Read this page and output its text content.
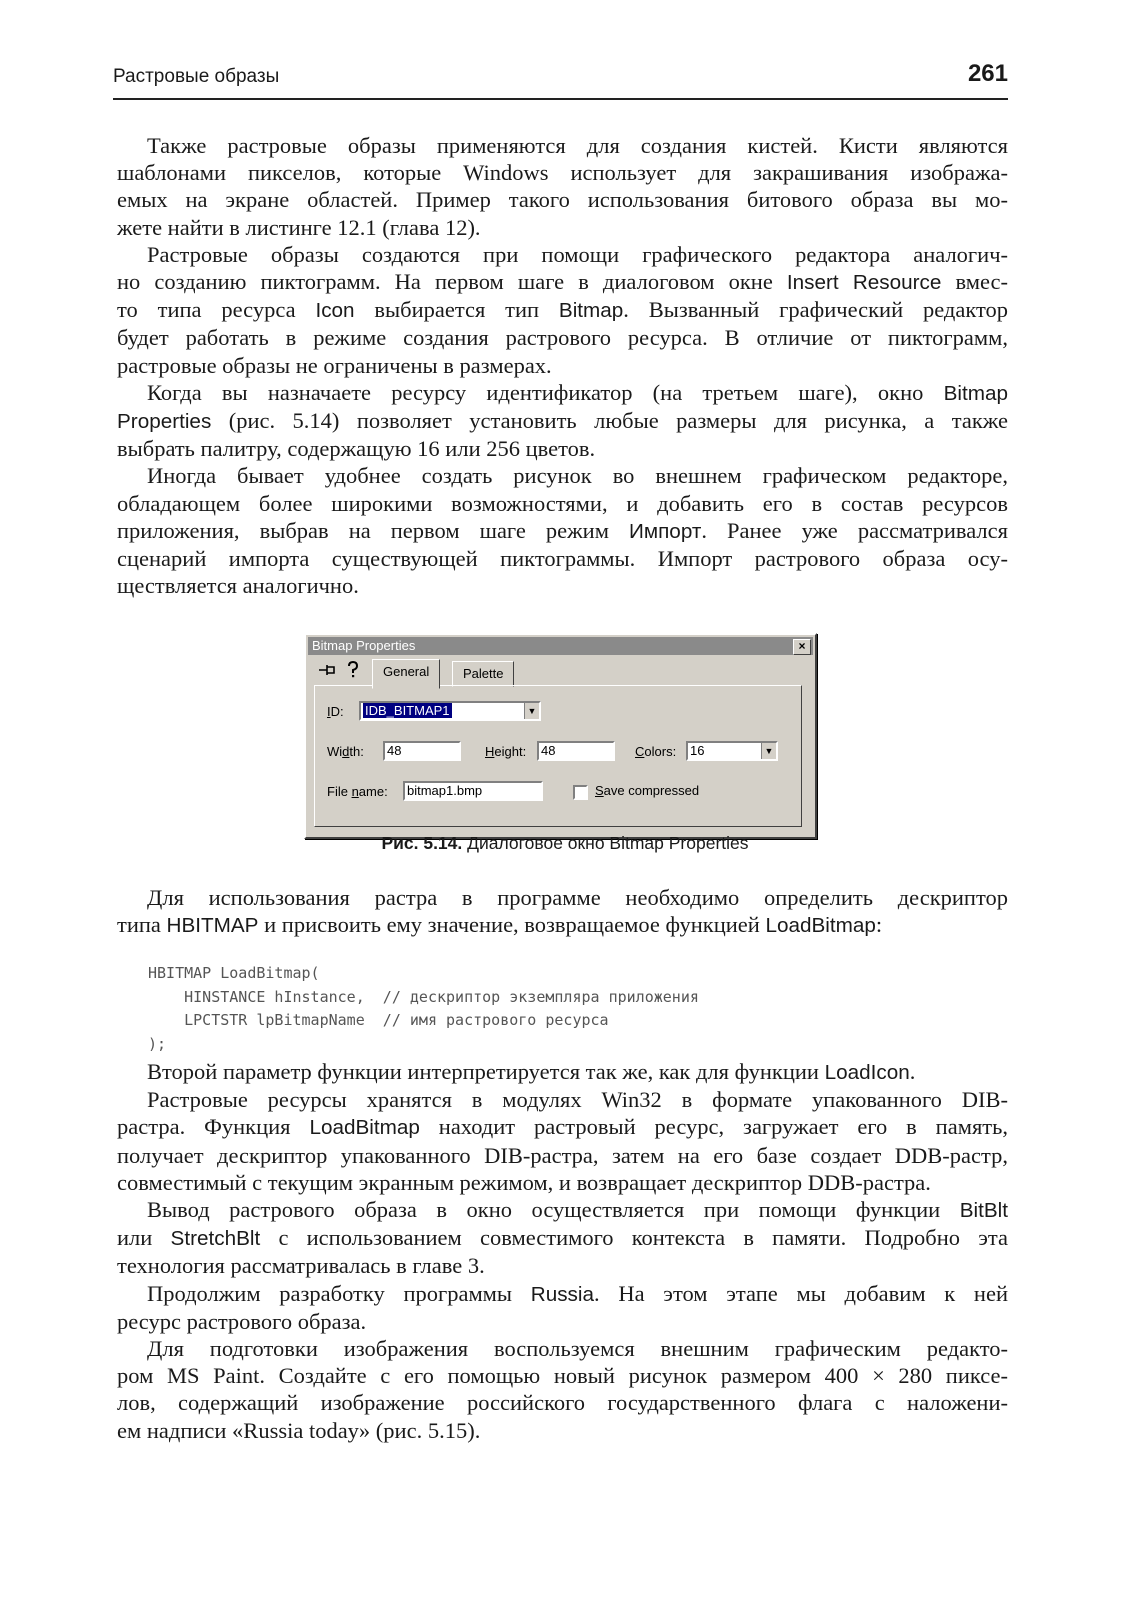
Растровые образы	261

Также растровые образы применяются для создания кистей. Кисти являются
шаблонами пикселов, которые Windows использует для закрашивания изобража-
емых на экране областей. Пример такого использования битового образа вы мо-
жете найти в листинге 12.1 (глава 12).

Растровые образы создаются при помощи графического редактора аналогич-
но созданию пиктограмм. На первом шаге в диалоговом окне Insert Resource вмес-
то типа ресурса Icon выбирается тип Bitmap. Вызванный графический редактор
будет работать в режиме создания растрового ресурса. В отличие от пиктограмм,
растровые образы не ограничены в размерах.

Когда вы назначаете ресурсу идентификатор (на третьем шаге), окно Bitmap
Properties (рис. 5.14) позволяет установить любые размеры для рисунка, а также
выбрать палитру, содержащую 16 или 256 цветов.

Иногда бывает удобнее создать рисунок во внешнем графическом редакторе,
обладающем более широкими возможностями, и добавить его в состав ресурсов
приложения, выбрав на первом шаге режим Импорт. Ранее уже рассматривался
сценарий импорта существующей пиктограммы. Импорт растрового образа осу-
ществляется аналогично.

Bitmap Properties	×
General	Palette
ID:	IDB_BITMAP1	▼
Width:	48	Height:	48	Colors:	16	▼
File name:	bitmap1.bmp	Save compressed
Рис. 5.14. Диалоговое окно Bitmap Properties

Для использования растра в программе необходимо определить дескриптор
типа HBITMAP и присвоить ему значение, возвращаемое функцией LoadBitmap:

HBITMAP LoadBitmap(
HINSTANCE hInstance,  // дескриптор экземпляра приложения
LPCTSTR lpBitmapName  // имя растрового ресурса
);

Второй параметр функции интерпретируется так же, как для функции LoadIcon.

Растровые ресурсы хранятся в модулях Win32 в формате упакованного DIB-
растра. Функция LoadBitmap находит растровый ресурс, загружает его в память,
получает дескриптор упакованного DIB-растра, затем на его базе создает DDB-растр,
совместимый с текущим экранным режимом, и возвращает дескриптор DDB-растра.

Вывод растрового образа в окно осуществляется при помощи функции BitBlt
или StretchBlt с использованием совместимого контекста в памяти. Подробно эта
технология рассматривалась в главе 3.

Продолжим разработку программы Russia. На этом этапе мы добавим к ней
ресурс растрового образа.

Для подготовки изображения воспользуемся внешним графическим редакто-
ром MS Paint. Создайте с его помощью новый рисунок размером 400 × 280 пиксе-
лов, содержащий изображение российского государственного флага с наложени-
ем надписи «Russia today» (рис. 5.15).
